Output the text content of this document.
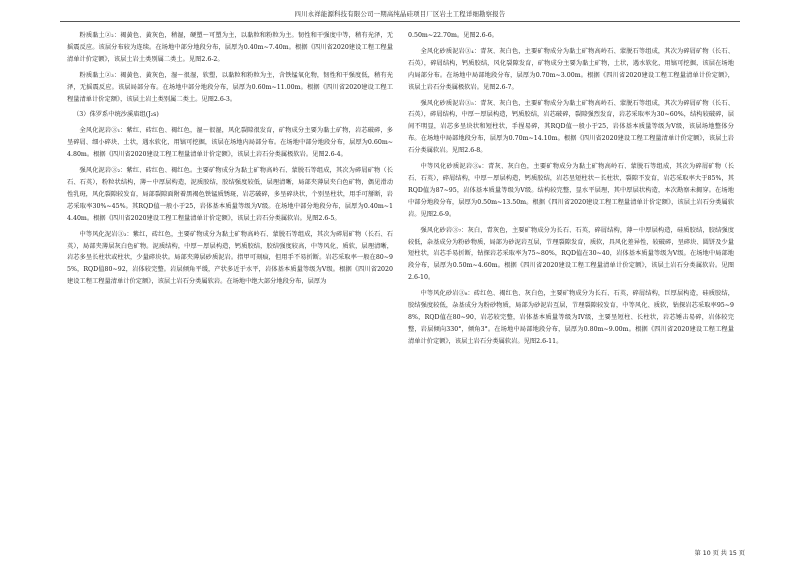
四川永祥能源科技有限公司一期高纯晶硅项目厂区岩土工程详细勘察报告

粉质黏土②₂：褐黄色、黄灰色，稍湿，硬塑～可塑为主，以黏粒和粉粒为主。韧性和干强度中等，稍有光泽，无摇震反应。该层分布较为连续。在场地中部分地段分布，层厚为0.40m~7.40m。根据《四川省2020建设工程工程量清单计价定额》，该层土岩土类别属二类土。见图2.6-2。

粉质黏土②₃：褐黄色、黄灰色，湿～很湿，软塑，以黏粒和粉粒为主，含铁锰氧化物，韧性和干强度低，稍有光泽，无摇震反应。该层局部分布。在场地中部分地段分布，层厚为0.60m~11.00m。根据《四川省2020建设工程工程量清单计价定额》，该层土岩土类别属二类土。见图2.6-3。

（3）侏罗系中统沙溪庙组(J₂s)

全风化泥岩③₁：紫红、砖红色、褐红色，湿～很湿，风化裂隙很发育，矿物成分主要为黏土矿物，岩芯破碎，多呈碎屑、细小碎块、土状，遇水软化，用镐可挖掘，该层在场地内局部分布。在场地中部分地段分布，层厚为0.60m~4.80m。根据《四川省2020建设工程工程量清单计价定额》，该层土岩石分类属极软岩。见图2.6-4。

强风化泥岩③₂：紫红、砖红色、褐红色。主要矿物成分为黏土矿物高岭石、蒙脱石等组成，其次为碎屑矿物（长石、石英），粉粒状结构，薄～中厚层构造，泥质胶结，胶结强度较低，层理清晰，局部夹薄层夹白色矿物，偶见滑动性乳斑，风化裂隙较发育，局部裂隙面附着黑褐色铁锰质锈斑，岩芯破碎，多呈碎块状，个别呈柱状，用手可掰断，岩芯采取率30%~45%。其RQD值一般小于25，岩体基本质量等级为V级。在场地中部分地段分布，层厚为0.40m~14.40m。根据《四川省2020建设工程工程量清单计价定额》，该层土岩石分类属软岩。见图2.6-5。

中等风化泥岩③₃：紫红，砖红色，主要矿物成分为黏土矿物高岭石、蒙脱石等组成，其次为碎屑矿物（长石、石英），局部夹薄层灰白色矿物。泥质结构，中厚～厚层构造，钙质胶结，胶结强度较高，中等风化，质软，层理清晰，岩芯多呈长柱状或柱状，少量碎块状。局部夹薄层砂质泥岩。指甲可刻痕，但用手不易折断。岩芯采取率一般在80~95%，RQD值80~92，岩体较完整。岩层倾角平缓，产状多近于水平，岩体基本质量等级为V级。根据《四川省2020建设工程工程量清单计价定额》，该层土岩石分类属软岩。在场地中绝大部分地段分布，层厚为

0.50m~22.70m。见图2.6-6。

全风化砂质泥岩③₄：青灰、灰白色，主要矿物成分为黏土矿物高岭石、蒙脱石等组成，其次为碎屑矿物（长石、石英），碎屑结构，钙质胶结，风化裂隙发育，矿物成分主要为黏土矿物，土状，遇水软化，用镐可挖掘，该层在场地内局部分布。在场地中局部地段分布，层厚为0.70m~3.00m。根据《四川省2020建设工程工程量清单计价定额》，该层土岩石分类属极软岩。见图2.6-7。

强风化砂质泥岩③₅：青灰、灰白色，主要矿物成分为黏土矿物高岭石、蒙脱石等组成，其次为碎屑矿物（长石、石英），碎屑结构，中厚～厚层构造，钙质胶结，岩芯破碎，裂隙强烈发育，岩芯采取率为30~60%，结构较破碎，层间不明显，岩芯多呈块状和短柱状，手捏易碎，其RQD值一般小于25，岩体基本质量等级为V级，该层场地整体分布。在场地中局部地段分布，层厚为0.70m~14.10m。根据《四川省2020建设工程工程量清单计价定额》，该层土岩石分类属软岩。见图2.6-8。

中等风化砂质泥岩③₆：青灰、灰白色，主要矿物成分为黏土矿物高岭石、蒙脱石等组成，其次为碎屑矿物（长石、石英），碎屑结构，中厚～厚层构造，钙质胶结，岩芯呈短柱状～长柱状，裂隙不发育，岩芯采取率大于85%，其RQD值为87~95，岩体基本质量等级为V级。结构较完整，显水平层理，其中厚层状构造，本次勘察未揭穿。在场地中部分地段分布，层厚为0.50m~13.50m。根据《四川省2020建设工程工程量清单计价定额》，该层土岩石分类属软岩。见图2.6-9。

强风化砂岩③₇：灰白，青灰色，主要矿物成分为长石、石英，碎屑结构，薄～中厚层构造，硅质胶结，胶结强度较低，杂基成分为粉砂物质，局部为砂泥岩互层，节理裂隙发育，质软，具风化差异性，较破碎，呈碎块、圆饼及少量短柱状，岩芯手易折断，钻探岩芯采取率为75~80%，RQD值在30~40，岩体基本质量等级为V级。在场地中局部地段分布，层厚为0.50m~4.60m。根据《四川省2020建设工程工程量清单计价定额》，该层土岩石分类属软岩。见图2.6-10。

中等风化砂岩③₈：砖红色、褐红色、灰白色，主要矿物成分为长石、石英，碎屑结构，巨厚层构造，硅质胶结，胶结强度较低，杂基成分为粉砂物质，局部为砂泥岩互层，节理裂隙较发育，中等风化、质软，钻探岩芯采取率95~98%，RQD值在80~90，岩芯较完整，岩体基本质量等级为IV级，主要呈短柱、长柱状，岩芯锤击易碎，岩体较完整，岩层倾向330°，倾角3°。在场地中局部地段分布，层厚为0.80m~9.00m。根据《四川省2020建设工程工程量清单计价定额》，该层土岩石分类属软岩。见图2.6-11。

第 10 页 共 15 页
